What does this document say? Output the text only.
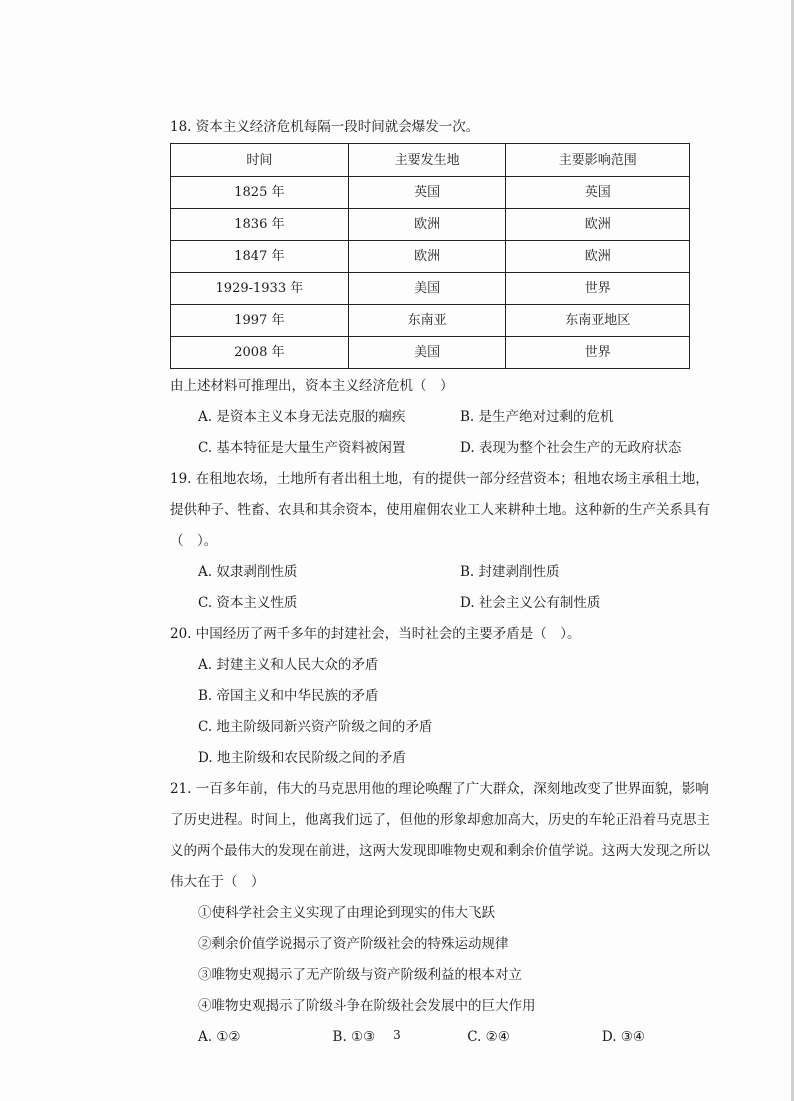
18. 资本主义经济危机每隔一段时间就会爆发一次。
时间	主要发生地	主要影响范围
1825 年	英国	英国
1836 年	欧洲	欧洲
1847 年	欧洲	欧洲
1929-1933 年	美国	世界
1997 年	东南亚	东南亚地区
2008 年	美国	世界
由上述材料可推理出，资本主义经济危机（　）
A. 是资本主义本身无法克服的痼疾	B. 是生产绝对过剩的危机
C. 基本特征是大量生产资料被闲置	D. 表现为整个社会生产的无政府状态
19. 在租地农场，土地所有者出租土地，有的提供一部分经营资本；租地农场主承租土地，
提供种子、牲畜、农具和其余资本，使用雇佣农业工人来耕种土地。这种新的生产关系具有
（　）。
A. 奴隶剥削性质	B. 封建剥削性质
C. 资本主义性质	D. 社会主义公有制性质
20. 中国经历了两千多年的封建社会，当时社会的主要矛盾是（　）。
A. 封建主义和人民大众的矛盾
B. 帝国主义和中华民族的矛盾
C. 地主阶级同新兴资产阶级之间的矛盾
D. 地主阶级和农民阶级之间的矛盾
21. 一百多年前，伟大的马克思用他的理论唤醒了广大群众，深刻地改变了世界面貌，影响
了历史进程。时间上，他离我们远了，但他的形象却愈加高大，历史的车轮正沿着马克思主
义的两个最伟大的发现在前进，这两大发现即唯物史观和剩余价值学说。这两大发现之所以
伟大在于（　）
①使科学社会主义实现了由理论到现实的伟大飞跃
②剩余价值学说揭示了资产阶级社会的特殊运动规律
③唯物史观揭示了无产阶级与资产阶级利益的根本对立
④唯物史观揭示了阶级斗争在阶级社会发展中的巨大作用
A. ①②	B. ①③	C. ②④	D. ③④
3
